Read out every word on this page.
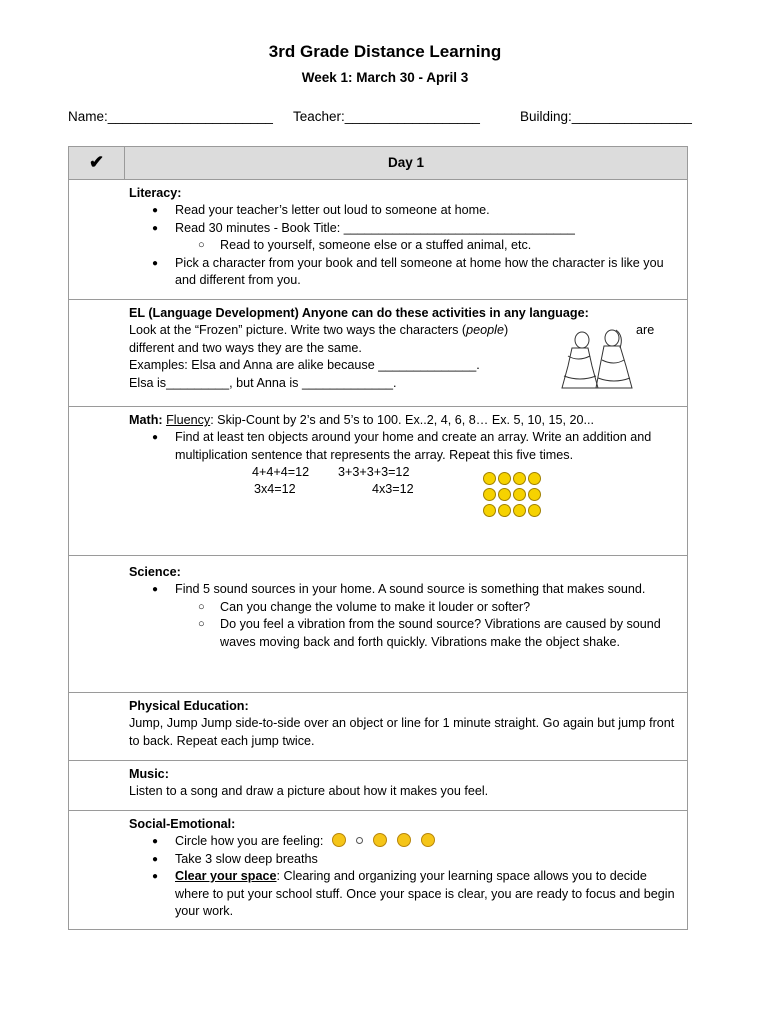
3rd Grade Distance Learning
Week 1: March 30 - April 3

Name:______________________

Teacher:__________________

	Building:________________

✔	Day 1

Literacy:
● Read your teacher’s letter out loud to someone at home.
● Read 30 minutes - Book Title: _________________________________
○ Read to yourself, someone else or a stuffed animal, etc.
● Pick a character from your book and tell someone at home how the character is like you and different from you.

EL (Language Development) Anyone can do these activities in any language:
Look at the “Frozen” picture. Write two ways the characters (people)	are
different and two ways they are the same.
Examples: Elsa and Anna are alike because ______________.
Elsa is_________, but Anna is _____________.

Math: Fluency: Skip-Count by 2’s and 5’s to 100. Ex..2, 4, 6, 8… Ex. 5, 10, 15, 20...
● Find at least ten objects around your home and create an array. Write an addition and multiplication sentence that represents the array. Repeat this five times.
4+4+4=12 3+3+3+3=12
3x4=12	4x3=12

Science:
● Find 5 sound sources in your home. A sound source is something that makes sound.
○ Can you change the volume to make it louder or softer?
○ Do you feel a vibration from the sound source? Vibrations are caused by sound waves moving back and forth quickly. Vibrations make the object shake.

Physical Education:
Jump, Jump Jump side-to-side over an object or line for 1 minute straight. Go again but jump front to back. Repeat each jump twice.

Music:
Listen to a song and draw a picture about how it makes you feel.

Social-Emotional:
● Circle how you are feeling:
● Take 3 slow deep breaths
● Clear your space: Clearing and organizing your learning space allows you to decide where to put your school stuff. Once your space is clear, you are ready to focus and begin your work.
